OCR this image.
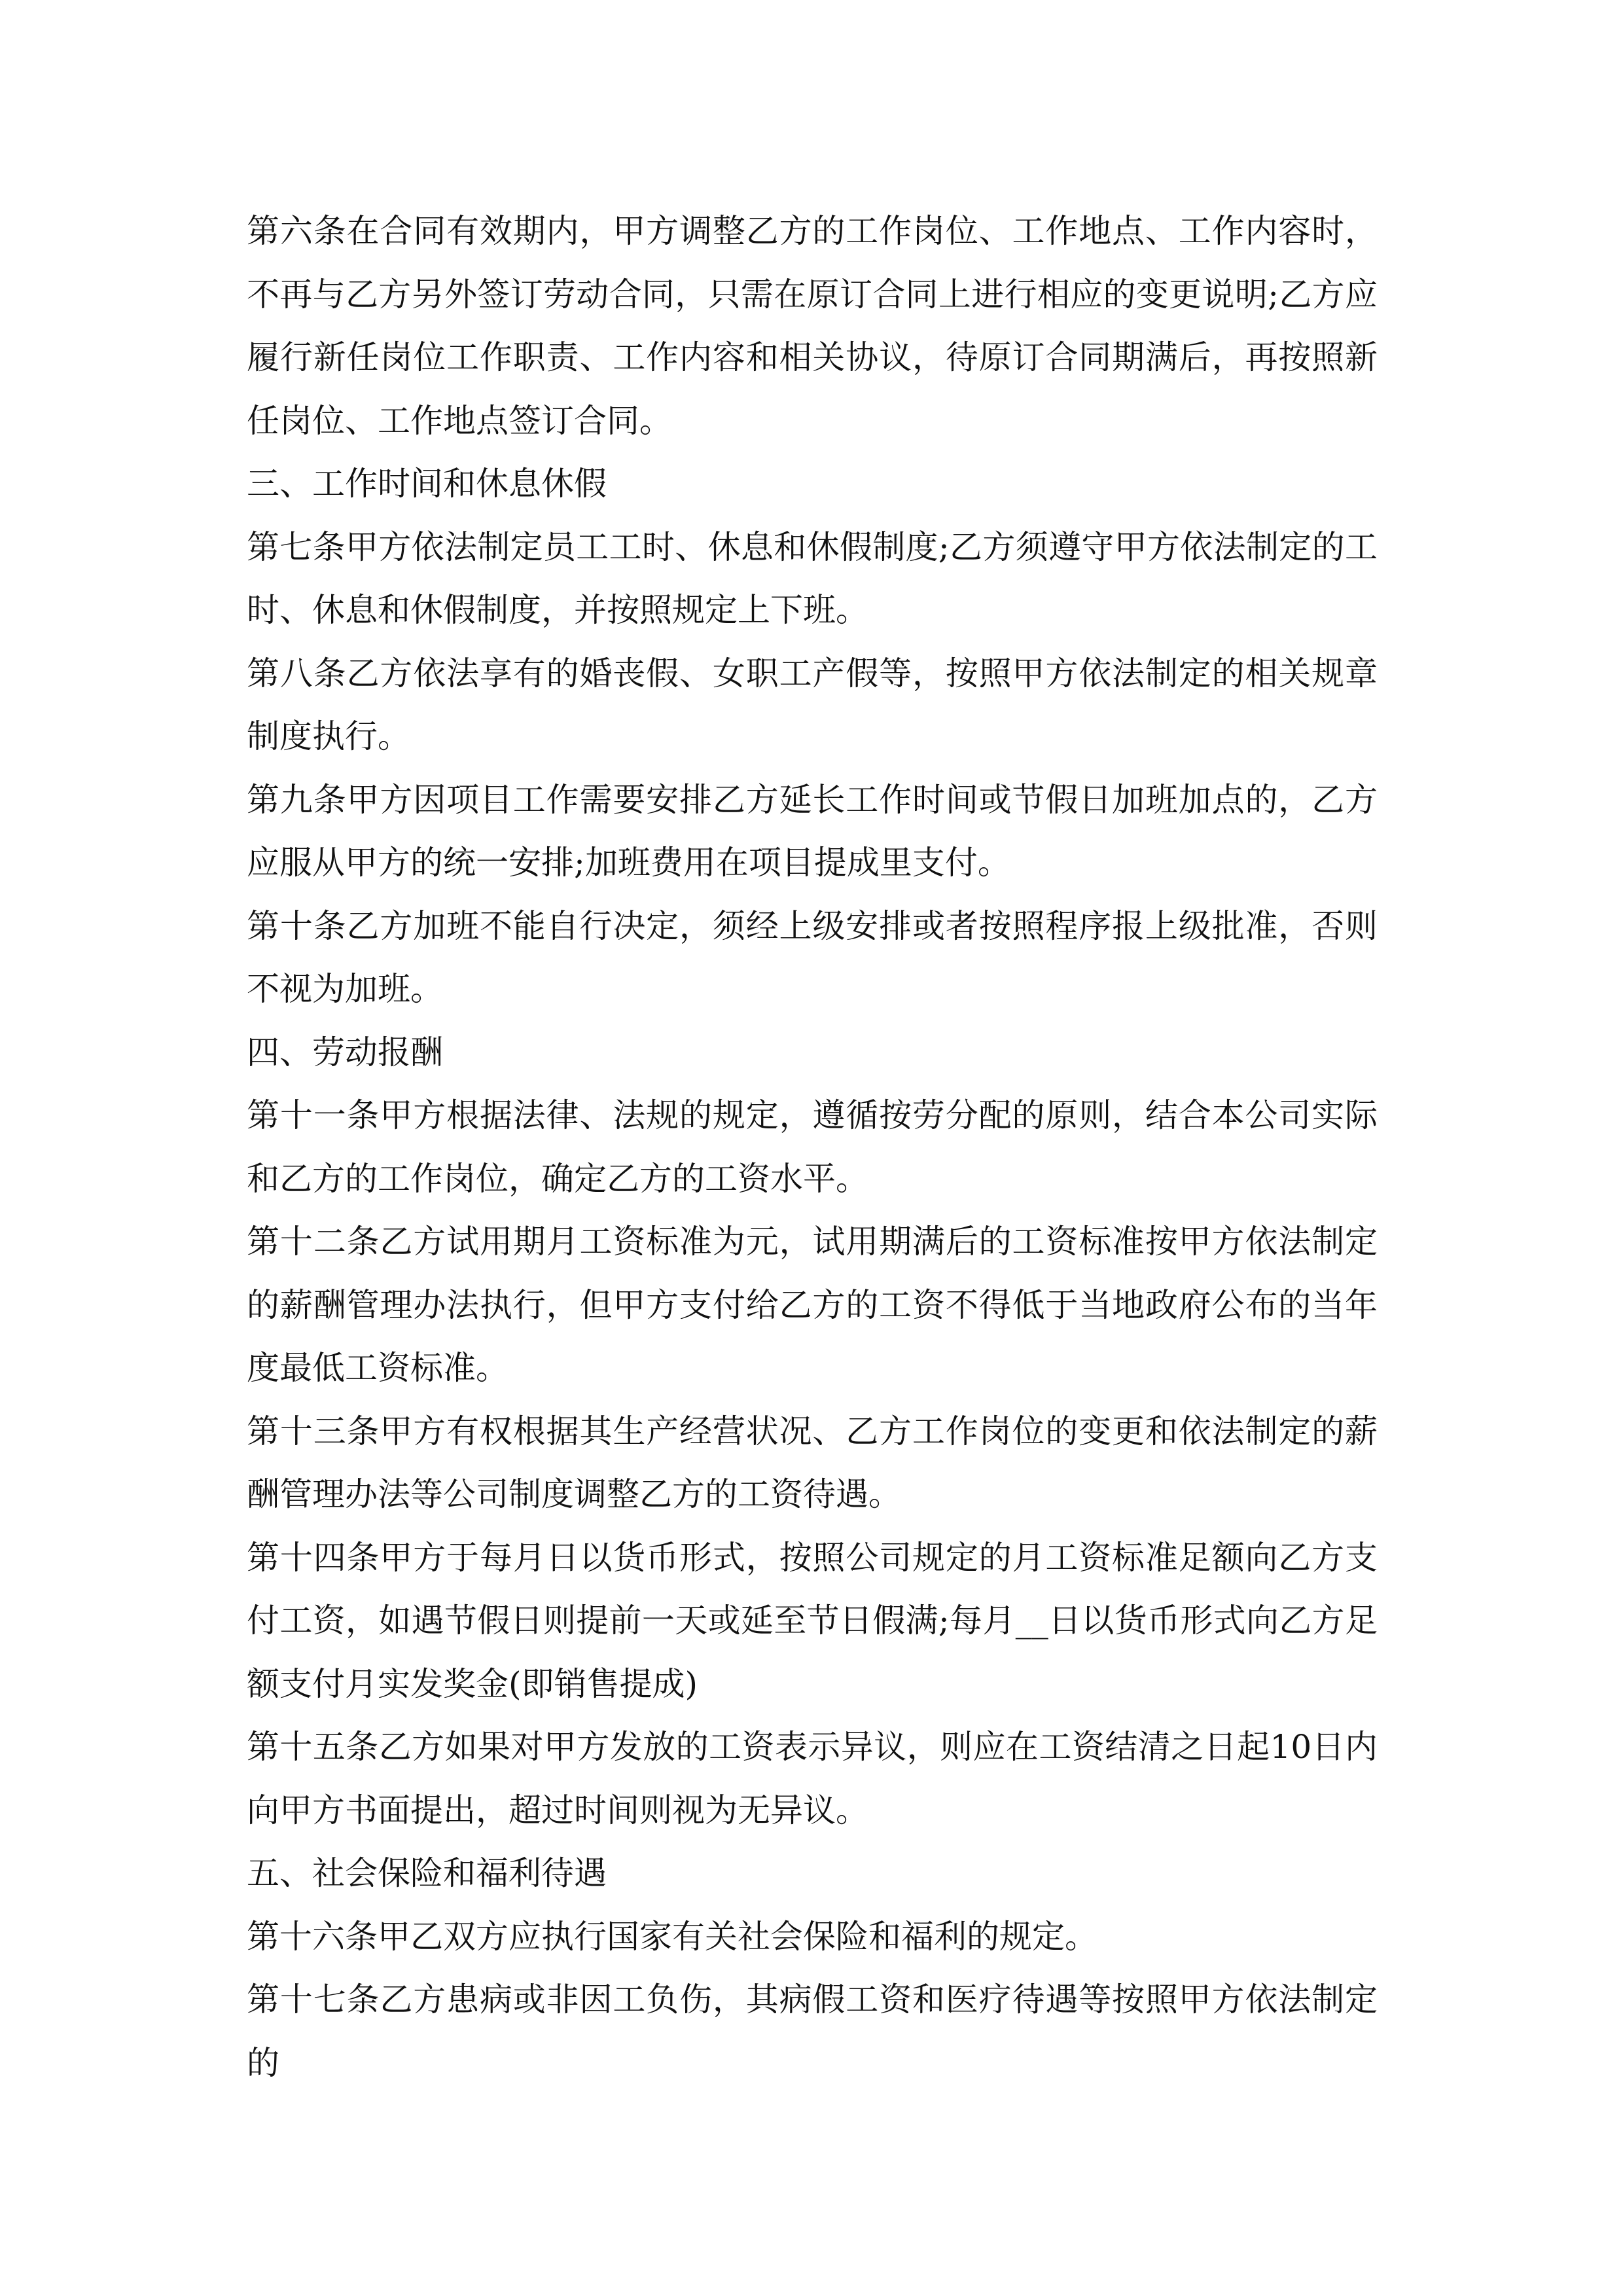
第六条在合同有效期内，甲方调整乙方的工作岗位、工作地点、工作内容时，不再与乙方另外签订劳动合同，只需在原订合同上进行相应的变更说明;乙方应履行新任岗位工作职责、工作内容和相关协议，待原订合同期满后，再按照新任岗位、工作地点签订合同。

三、工作时间和休息休假

第七条甲方依法制定员工工时、休息和休假制度;乙方须遵守甲方依法制定的工时、休息和休假制度，并按照规定上下班。

第八条乙方依法享有的婚丧假、女职工产假等，按照甲方依法制定的相关规章制度执行。

第九条甲方因项目工作需要安排乙方延长工作时间或节假日加班加点的，乙方应服从甲方的统一安排;加班费用在项目提成里支付。

第十条乙方加班不能自行决定，须经上级安排或者按照程序报上级批准，否则不视为加班。

四、劳动报酬

第十一条甲方根据法律、法规的规定，遵循按劳分配的原则，结合本公司实际和乙方的工作岗位，确定乙方的工资水平。

第十二条乙方试用期月工资标准为元，试用期满后的工资标准按甲方依法制定的薪酬管理办法执行，但甲方支付给乙方的工资不得低于当地政府公布的当年度最低工资标准。

第十三条甲方有权根据其生产经营状况、乙方工作岗位的变更和依法制定的薪酬管理办法等公司制度调整乙方的工资待遇。

第十四条甲方于每月日以货币形式，按照公司规定的月工资标准足额向乙方支付工资，如遇节假日则提前一天或延至节日假满;每月__日以货币形式向乙方足额支付月实发奖金(即销售提成)

第十五条乙方如果对甲方发放的工资表示异议，则应在工资结清之日起10日内向甲方书面提出，超过时间则视为无异议。

五、社会保险和福利待遇

第十六条甲乙双方应执行国家有关社会保险和福利的规定。

第十七条乙方患病或非因工负伤，其病假工资和医疗待遇等按照甲方依法制定的
